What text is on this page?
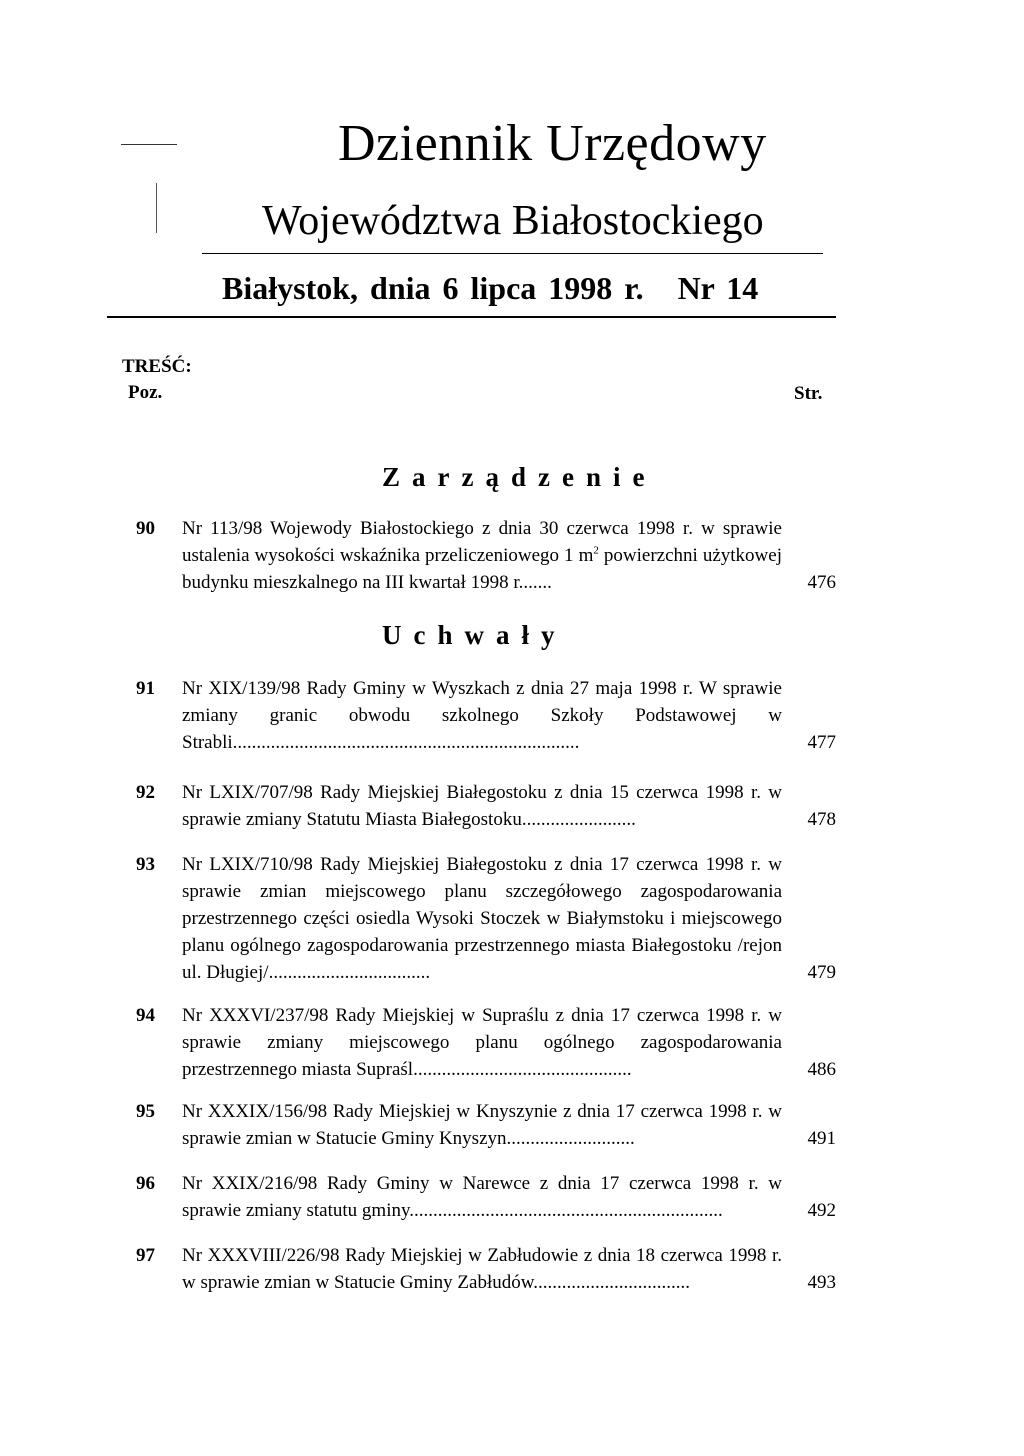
Dziennik Urzędowy
Województwa Białostockiego
Białystok, dnia 6 lipca 1998 r. Nr 14
TREŚĆ:
Poz.	Str.
Zarządzenie
90	Nr 113/98 Wojewody Białostockiego z dnia 30 czerwca 1998 r. w sprawie ustalenia wysokości wskaźnika przeliczeniowego 1 $m^2$ powierzchni użytkowej budynku mieszkalnego na III kwartał 1998 r.......	476
Uchwały
91	Nr XIX/139/98 Rady Gminy w Wyszkach z dnia 27 maja 1998 r. W sprawie zmiany granic obwodu szkolnego Szkoły Podstawowej w Strabli.........................................................................	477
92	Nr LXIX/707/98 Rady Miejskiej Białegostoku z dnia 15 czerwca 1998 r. w sprawie zmiany Statutu Miasta Białegostoku........................	478
93	Nr LXIX/710/98 Rady Miejskiej Białegostoku z dnia 17 czerwca 1998 r. w sprawie zmian miejscowego planu szczegółowego zagospodarowania przestrzennego części osiedla Wysoki Stoczek w Białymstoku i miejscowego planu ogólnego zagospodarowania przestrzennego miasta Białegostoku /rejon ul. Długiej/..................................	479
94	Nr XXXVI/237/98 Rady Miejskiej w Supraślu z dnia 17 czerwca 1998 r. w sprawie zmiany miejscowego planu ogólnego zagospodarowania przestrzennego miasta Supraśl..............................................	486
95	Nr XXXIX/156/98 Rady Miejskiej w Knyszynie z dnia 17 czerwca 1998 r. w sprawie zmian w Statucie Gminy Knyszyn...........................	491
96	Nr XXIX/216/98 Rady Gminy w Narewce z dnia 17 czerwca 1998 r. w sprawie zmiany statutu gminy..................................................................	492
97	Nr XXXVIII/226/98 Rady Miejskiej w Zabłudowie z dnia 18 czerwca 1998 r. w sprawie zmian w Statucie Gminy Zabłudów.................................	493
